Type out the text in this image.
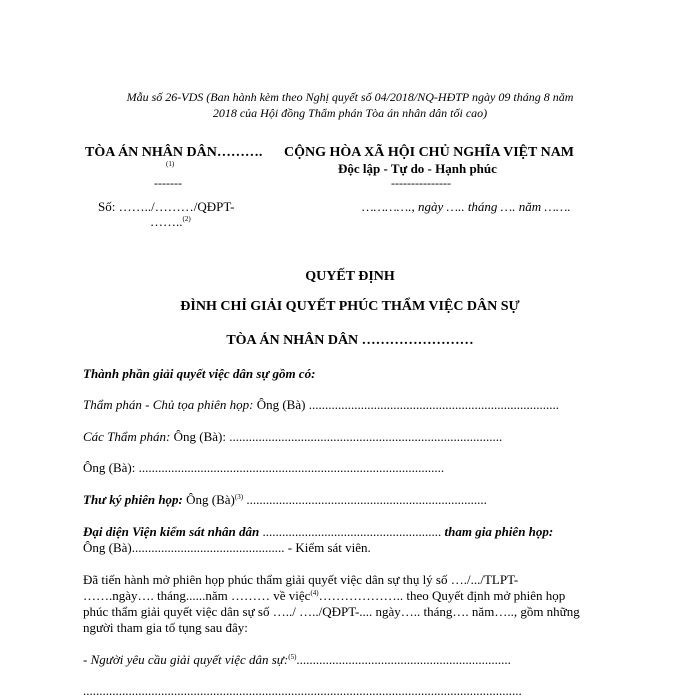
Mẫu số 26-VDS (Ban hành kèm theo Nghị quyết số 04/2018/NQ-HĐTP ngày 09 tháng 8 năm
2018 của Hội đồng Thẩm phán Tòa án nhân dân tối cao)
TÒA ÁN NHÂN DÂN……….
(1)
-------
Số: ……../………/QĐPT-
……..$^{(2)}$
CỘNG HÒA XÃ HỘI CHỦ NGHĨA VIỆT NAM
Độc lập - Tự do - Hạnh phúc
---------------
…………., ngày ….. tháng …. năm …….
QUYẾT ĐỊNH
ĐÌNH CHỈ GIẢI QUYẾT PHÚC THẨM VIỆC DÂN SỰ
TÒA ÁN NHÂN DÂN ……………………
Thành phần giải quyết việc dân sự gồm có:
Thẩm phán - Chủ tọa phiên họp: Ông (Bà) .............................................................................
Các Thẩm phán: Ông (Bà): ....................................................................................
Ông (Bà): ..............................................................................................
Thư ký phiên họp: Ông (Bà)$^{(3)}$ ..........................................................................
Đại diện Viện kiểm sát nhân dân ....................................................... tham gia phiên họp:
Ông (Bà)............................................... - Kiểm sát viên.
Đã tiến hành mở phiên họp phúc thẩm giải quyết việc dân sự thụ lý số …./.../TLPT-
…….ngày…. tháng......năm ……… về việc$^{(4)}$……………….. theo Quyết định mở phiên họp
phúc thẩm giải quyết việc dân sự số …../ …../QĐPT-.... ngày….. tháng…. năm….., gồm những
người tham gia tố tụng sau đây:
- Người yêu cầu giải quyết việc dân sự:$^{(5)}$..................................................................
.......................................................................................................................................
